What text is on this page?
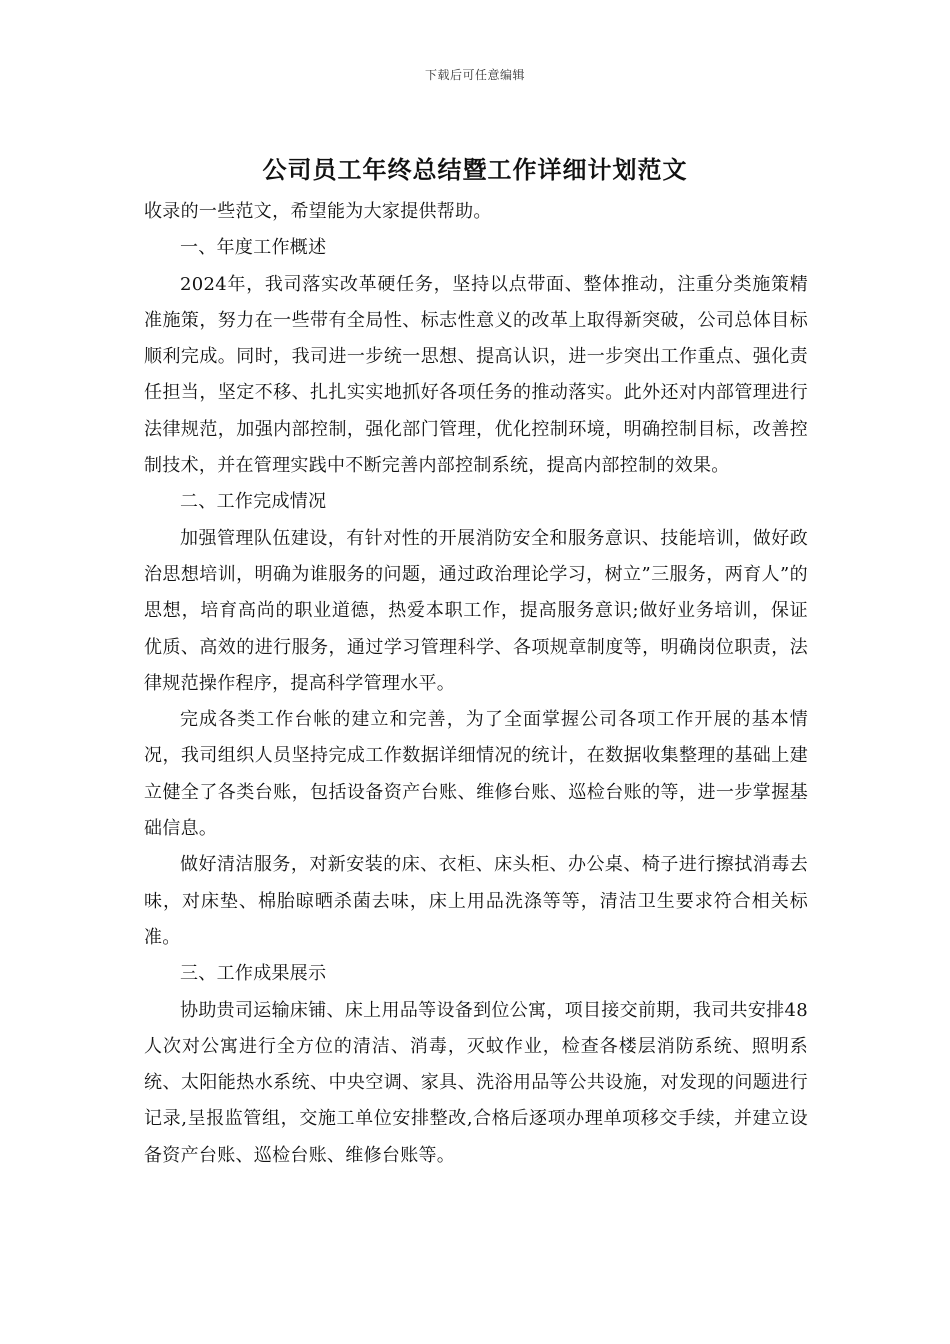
下载后可任意编辑
公司员工年终总结暨工作详细计划范文

收录的一些范文，希望能为大家提供帮助。

一、年度工作概述

2024年，我司落实改革硬任务，坚持以点带面、整体推动，注重分类施策精准施策，努力在一些带有全局性、标志性意义的改革上取得新突破，公司总体目标顺利完成。同时，我司进一步统一思想、提高认识，进一步突出工作重点、强化责任担当，坚定不移、扎扎实实地抓好各项任务的推动落实。此外还对内部管理进行法律规范，加强内部控制，强化部门管理，优化控制环境，明确控制目标，改善控制技术，并在管理实践中不断完善内部控制系统，提高内部控制的效果。

二、工作完成情况

加强管理队伍建设，有针对性的开展消防安全和服务意识、技能培训，做好政治思想培训，明确为谁服务的问题，通过政治理论学习，树立”三服务，两育人”的思想，培育高尚的职业道德，热爱本职工作，提高服务意识;做好业务培训，保证优质、高效的进行服务，通过学习管理科学、各项规章制度等，明确岗位职责，法律规范操作程序，提高科学管理水平。

完成各类工作台帐的建立和完善，为了全面掌握公司各项工作开展的基本情况，我司组织人员坚持完成工作数据详细情况的统计，在数据收集整理的基础上建立健全了各类台账，包括设备资产台账、维修台账、巡检台账的等，进一步掌握基础信息。

做好清洁服务，对新安装的床、衣柜、床头柜、办公桌、椅子进行擦拭消毒去味，对床垫、棉胎晾晒杀菌去味，床上用品洗涤等等，清洁卫生要求符合相关标准。

三、工作成果展示

协助贵司运输床铺、床上用品等设备到位公寓，项目接交前期，我司共安排48人次对公寓进行全方位的清洁、消毒，灭蚊作业，检查各楼层消防系统、照明系统、太阳能热水系统、中央空调、家具、洗浴用品等公共设施，对发现的问题进行记录,呈报监管组，交施工单位安排整改,合格后逐项办理单项移交手续，并建立设备资产台账、巡检台账、维修台账等。
